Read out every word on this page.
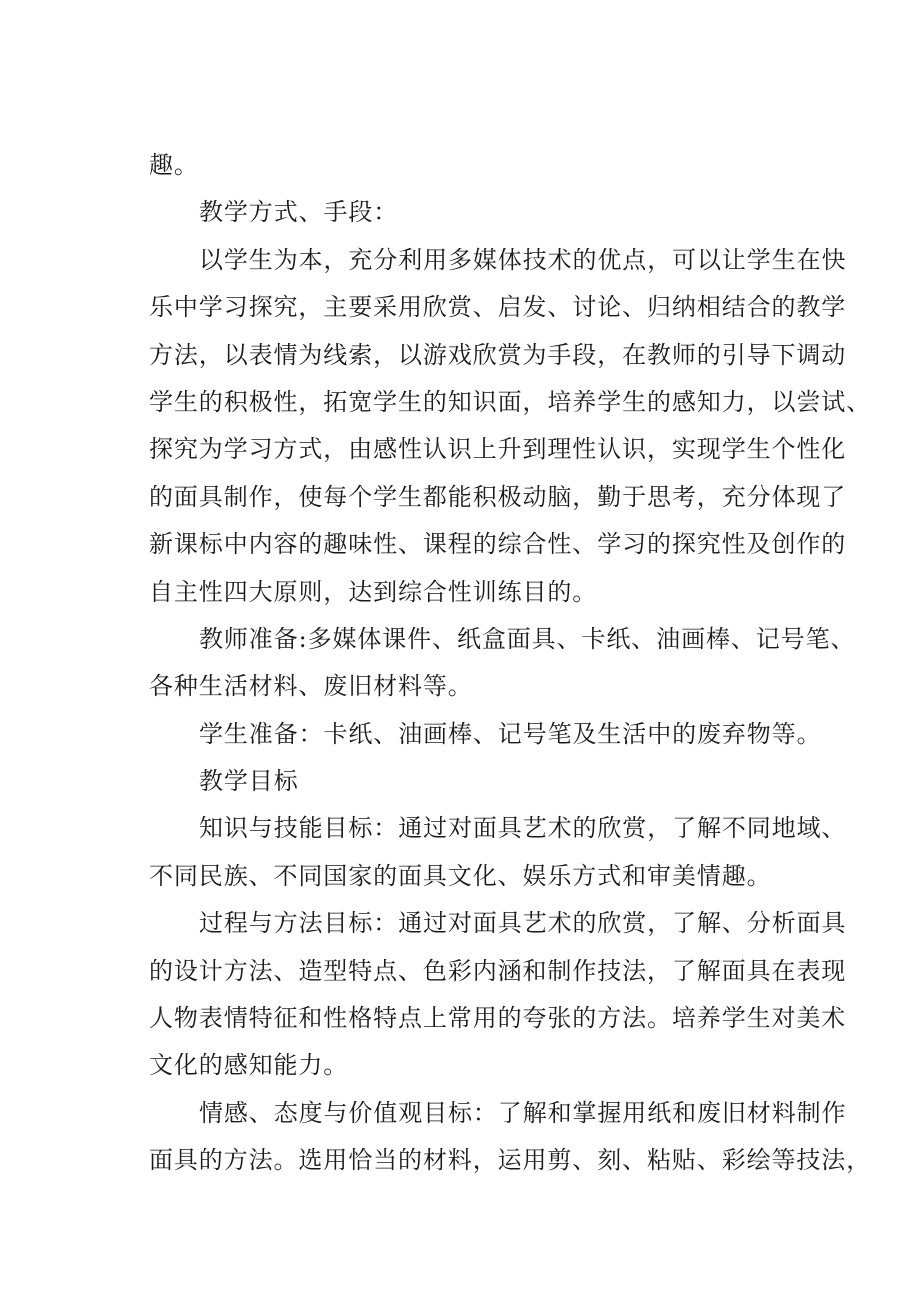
趣。
教学方式、手段：
以学生为本，充分利用多媒体技术的优点，可以让学生在快
乐中学习探究，主要采用欣赏、启发、讨论、归纳相结合的教学
方法，以表情为线索，以游戏欣赏为手段，在教师的引导下调动
学生的积极性，拓宽学生的知识面，培养学生的感知力，以尝试、
探究为学习方式，由感性认识上升到理性认识，实现学生个性化
的面具制作，使每个学生都能积极动脑，勤于思考，充分体现了
新课标中内容的趣味性、课程的综合性、学习的探究性及创作的
自主性四大原则，达到综合性训练目的。
教师准备:多媒体课件、纸盒面具、卡纸、油画棒、记号笔、
各种生活材料、废旧材料等。
学生准备：卡纸、油画棒、记号笔及生活中的废弃物等。
教学目标
知识与技能目标：通过对面具艺术的欣赏，了解不同地域、
不同民族、不同国家的面具文化、娱乐方式和审美情趣。
过程与方法目标：通过对面具艺术的欣赏，了解、分析面具
的设计方法、造型特点、色彩内涵和制作技法，了解面具在表现
人物表情特征和性格特点上常用的夸张的方法。培养学生对美术
文化的感知能力。
情感、态度与价值观目标：了解和掌握用纸和废旧材料制作
面具的方法。选用恰当的材料，运用剪、刻、粘贴、彩绘等技法，
